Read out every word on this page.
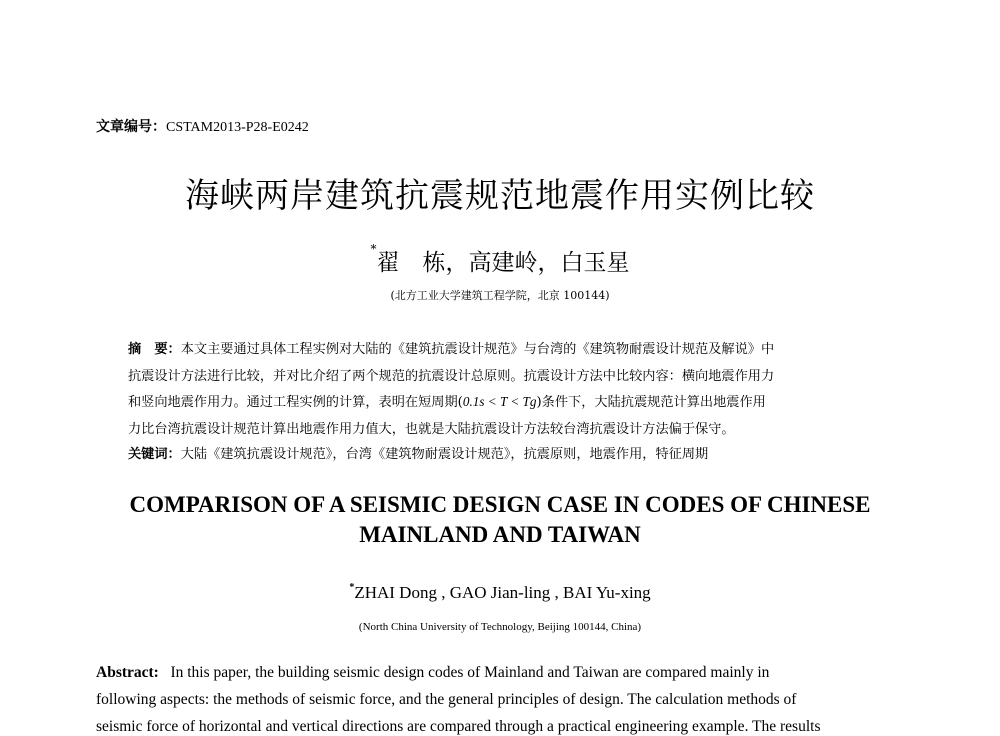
文章编号：CSTAM2013-P28-E0242
海峡两岸建筑抗震规范地震作用实例比较
*翟　栋，高建岭，白玉星
(北方工业大学建筑工程学院，北京 100144)
摘　要：本文主要通过具体工程实例对大陆的《建筑抗震设计规范》与台湾的《建筑物耐震设计规范及解说》中
抗震设计方法进行比较，并对比介绍了两个规范的抗震设计总原则。抗震设计方法中比较内容：横向地震作用力
和竖向地震作用力。通过工程实例的计算，表明在短周期(0.1s < T < Tg)条件下，大陆抗震规范计算出地震作用
力比台湾抗震设计规范计算出地震作用力值大，也就是大陆抗震设计方法较台湾抗震设计方法偏于保守。
关键词：大陆《建筑抗震设计规范》，台湾《建筑物耐震设计规范》，抗震原则，地震作用，特征周期
COMPARISON OF A SEISMIC DESIGN CASE IN CODES OF CHINESE
MAINLAND AND TAIWAN
*ZHAI Dong , GAO Jian-ling , BAI Yu-xing
(North China University of Technology, Beijing 100144, China)
Abstract: In this paper, the building seismic design codes of Mainland and Taiwan are compared mainly in
following aspects: the methods of seismic force, and the general principles of design. The calculation methods of
seismic force of horizontal and vertical directions are compared through a practical engineering example. The results
